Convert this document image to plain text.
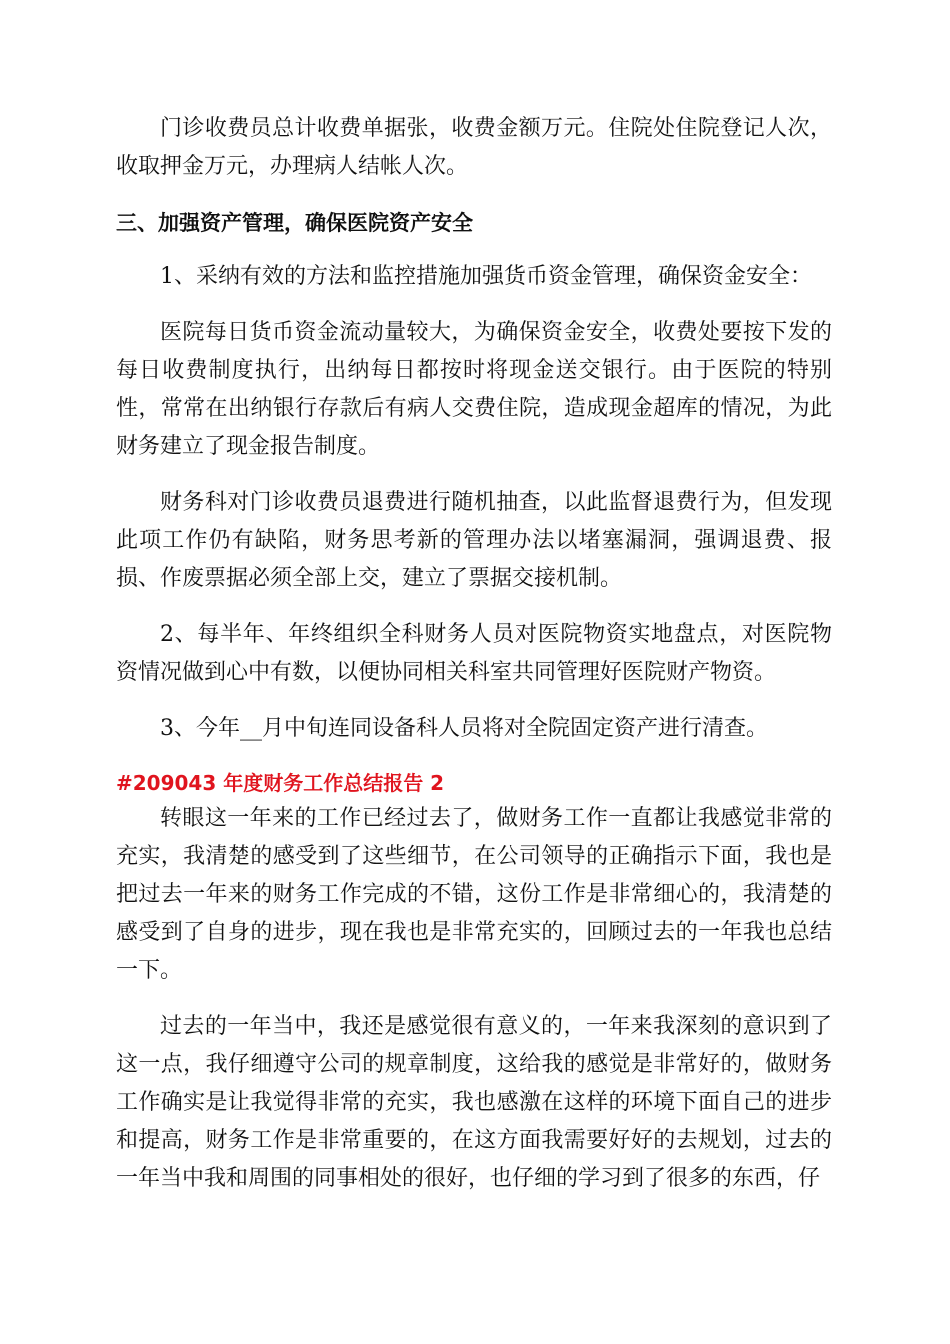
门诊收费员总计收费单据张，收费金额万元。住院处住院登记人次，收取押金万元，办理病人结帐人次。

三、加强资产管理，确保医院资产安全

1、采纳有效的方法和监控措施加强货币资金管理，确保资金安全：

医院每日货币资金流动量较大，为确保资金安全，收费处要按下发的每日收费制度执行，出纳每日都按时将现金送交银行。由于医院的特别性，常常在出纳银行存款后有病人交费住院，造成现金超库的情况，为此财务建立了现金报告制度。

财务科对门诊收费员退费进行随机抽查，以此监督退费行为，但发现此项工作仍有缺陷，财务思考新的管理办法以堵塞漏洞，强调退费、报损、作废票据必须全部上交，建立了票据交接机制。

2、每半年、年终组织全科财务人员对医院物资实地盘点，对医院物资情况做到心中有数，以便协同相关科室共同管理好医院财产物资。

3、今年__月中旬连同设备科人员将对全院固定资产进行清查。

#209043 年度财务工作总结报告 2

转眼这一年来的工作已经过去了，做财务工作一直都让我感觉非常的充实，我清楚的感受到了这些细节，在公司领导的正确指示下面，我也是把过去一年来的财务工作完成的不错，这份工作是非常细心的，我清楚的感受到了自身的进步，现在我也是非常充实的，回顾过去的一年我也总结一下。

过去的一年当中，我还是感觉很有意义的，一年来我深刻的意识到了这一点，我仔细遵守公司的规章制度，这给我的感觉是非常好的，做财务工作确实是让我觉得非常的充实，我也感激在这样的环境下面自己的进步和提高，财务工作是非常重要的，在这方面我需要好好的去规划，过去的一年当中我和周围的同事相处的很好，也仔细的学习到了很多的东西，仔
